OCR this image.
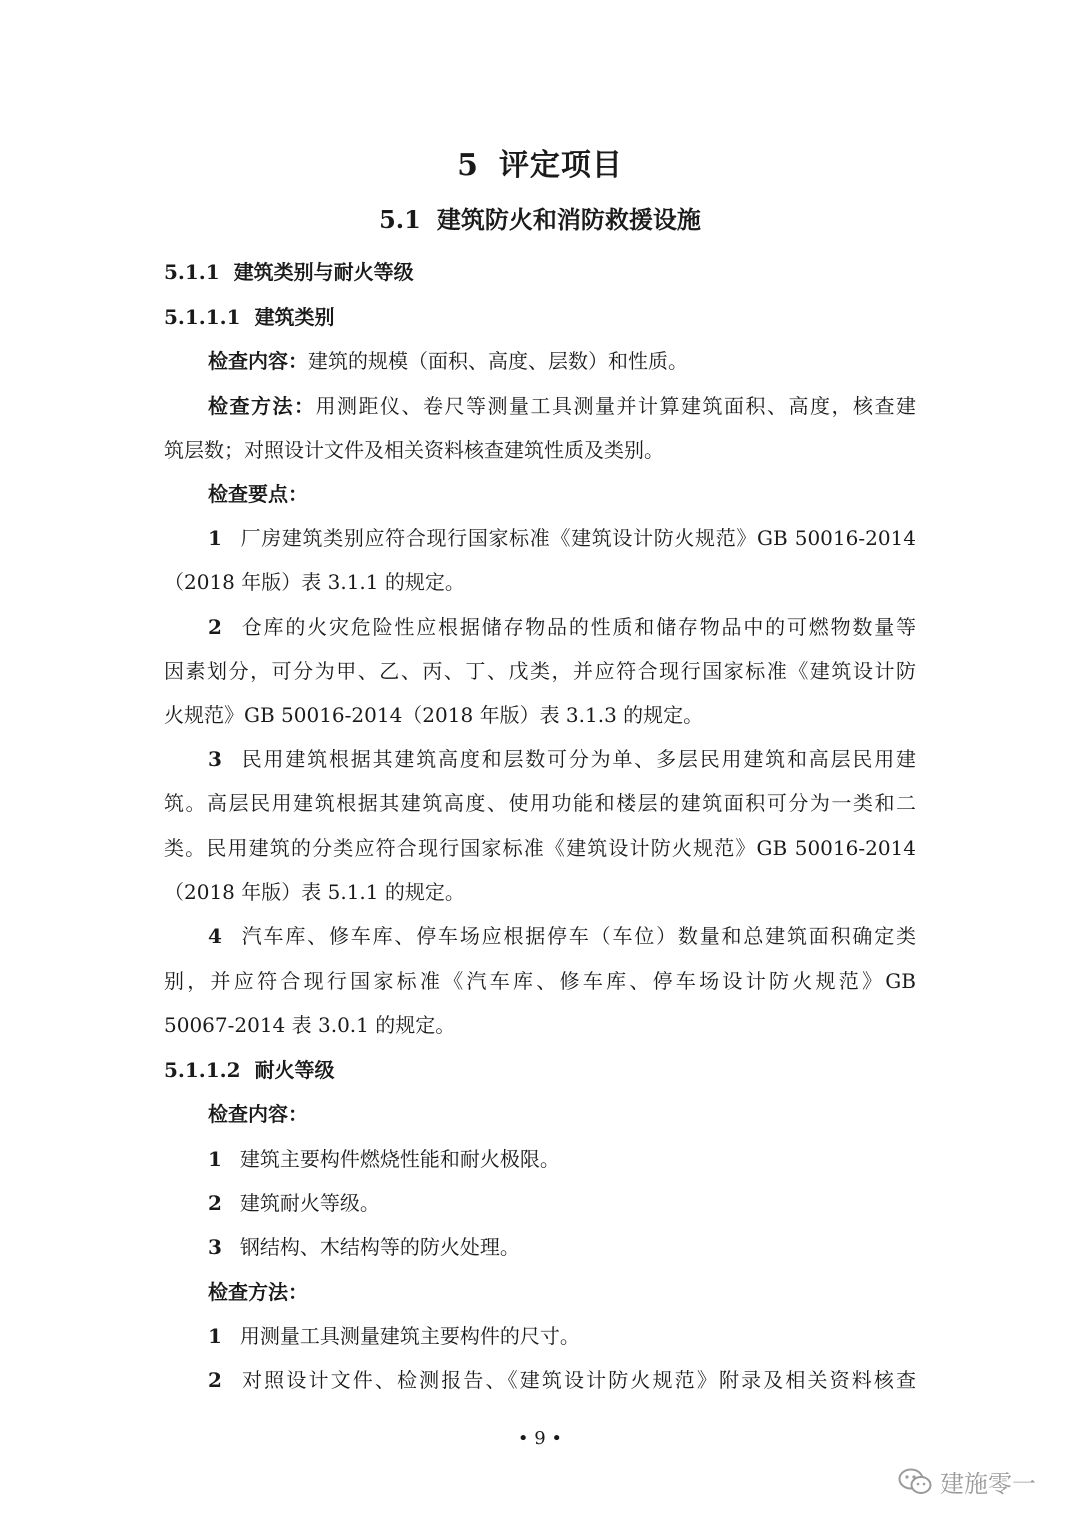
5 评定项目
5.1 建筑防火和消防救援设施
5.1.1 建筑类别与耐火等级
5.1.1.1 建筑类别
检查内容：建筑的规模（面积、高度、层数）和性质。
检查方法：用测距仪、卷尺等测量工具测量并计算建筑面积、高度，核查建
筑层数；对照设计文件及相关资料核查建筑性质及类别。
检查要点：
1 厂房建筑类别应符合现行国家标准《建筑设计防火规范》GB 50016-2014
（2018 年版）表 3.1.1 的规定。
2 仓库的火灾危险性应根据储存物品的性质和储存物品中的可燃物数量等
因素划分，可分为甲、乙、丙、丁、戊类，并应符合现行国家标准《建筑设计防
火规范》GB 50016-2014（2018 年版）表 3.1.3 的规定。
3 民用建筑根据其建筑高度和层数可分为单、多层民用建筑和高层民用建
筑。高层民用建筑根据其建筑高度、使用功能和楼层的建筑面积可分为一类和二
类。民用建筑的分类应符合现行国家标准《建筑设计防火规范》GB 50016-2014
（2018 年版）表 5.1.1 的规定。
4 汽车库、修车库、停车场应根据停车（车位）数量和总建筑面积确定类
别，并应符合现行国家标准《汽车库、修车库、停车场设计防火规范》GB
50067-2014 表 3.0.1 的规定。
5.1.1.2 耐火等级
检查内容：
1 建筑主要构件燃烧性能和耐火极限。
2 建筑耐火等级。
3 钢结构、木结构等的防火处理。
检查方法：
1 用测量工具测量建筑主要构件的尺寸。
2 对照设计文件、检测报告、《建筑设计防火规范》附录及相关资料核查
• 9 •
建施零一
